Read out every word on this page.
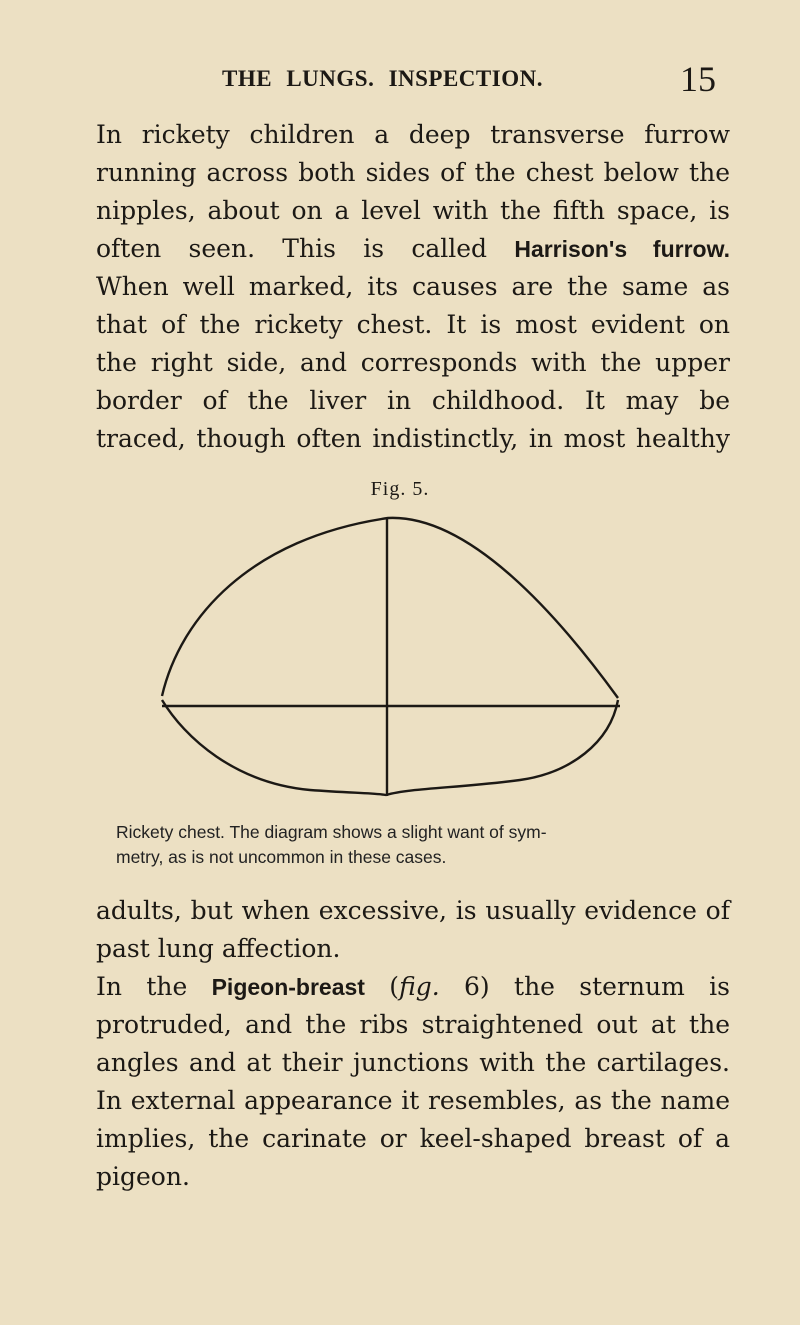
THE LUNGS. INSPECTION.	15
In rickety children a deep transverse furrow
running across both sides of the chest below the
nipples, about on a level with the fifth space, is
often seen. This is called Harrison's furrow.
When well marked, its causes are the same as
that of the rickety chest. It is most evident on
the right side, and corresponds with the upper
border of the liver in childhood. It may be
traced, though often indistinctly, in most healthy
Fig. 5.
Rickety chest. The diagram shows a slight want of sym-
metry, as is not uncommon in these cases.
adults, but when excessive, is usually evidence of
past lung affection.
In the Pigeon-breast (fig. 6) the sternum is
protruded, and the ribs straightened out at the
angles and at their junctions with the cartilages.
In external appearance it resembles, as the name
implies, the carinate or keel-shaped breast of a
pigeon.
